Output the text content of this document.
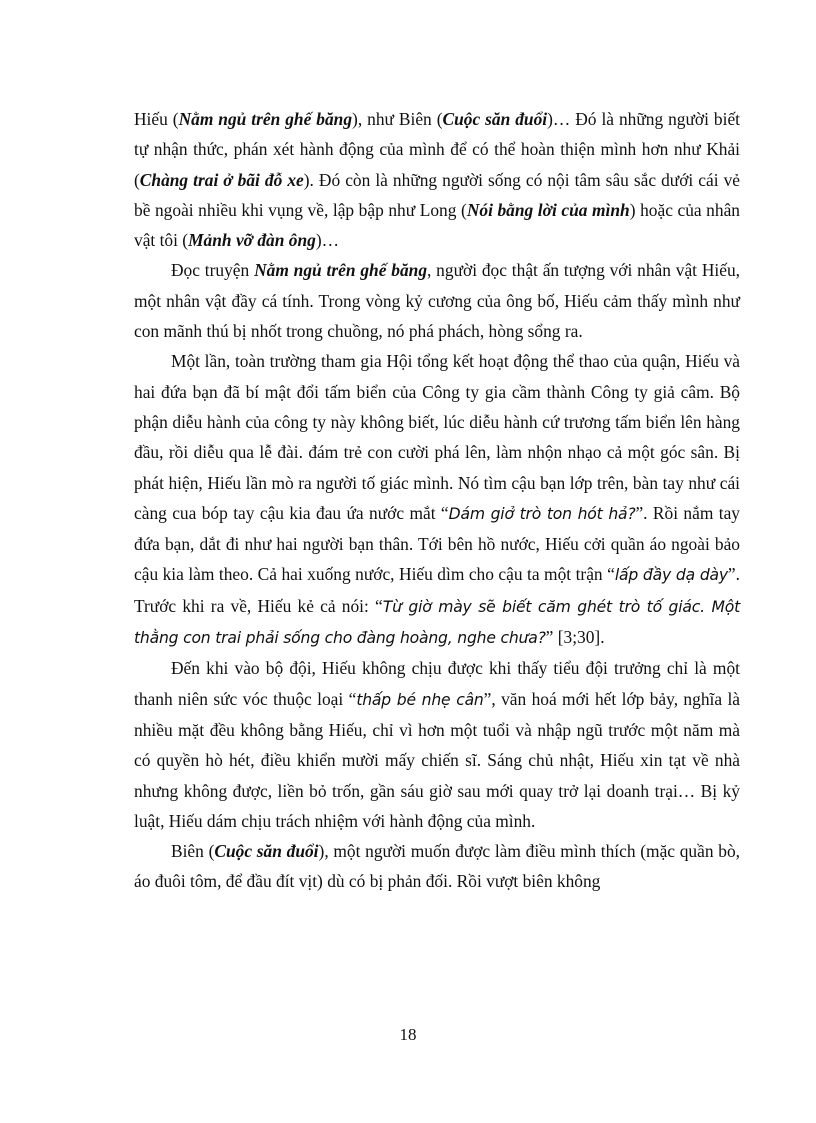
Hiếu (Nằm ngủ trên ghế băng), như Biên (Cuộc săn đuổi)… Đó là những người biết tự nhận thức, phán xét hành động của mình để có thể hoàn thiện mình hơn như Khải (Chàng trai ở bãi đỗ xe). Đó còn là những người sống có nội tâm sâu sắc dưới cái vẻ bề ngoài nhiều khi vụng về, lập bập như Long (Nói bằng lời của mình) hoặc của nhân vật tôi (Mảnh vỡ đàn ông)…

Đọc truyện Nằm ngủ trên ghế băng, người đọc thật ấn tượng với nhân vật Hiếu, một nhân vật đầy cá tính. Trong vòng kỷ cương của ông bố, Hiếu cảm thấy mình như con mãnh thú bị nhốt trong chuồng, nó phá phách, hòng sổng ra.

Một lần, toàn trường tham gia Hội tổng kết hoạt động thể thao của quận, Hiếu và hai đứa bạn đã bí mật đổi tấm biển của Công ty gia cầm thành Công ty giả câm. Bộ phận diễu hành của công ty này không biết, lúc diễu hành cứ trương tấm biển lên hàng đầu, rồi diễu qua lễ đài. đám trẻ con cười phá lên, làm nhộn nhạo cả một góc sân. Bị phát hiện, Hiếu lần mò ra người tố giác mình. Nó tìm cậu bạn lớp trên, bàn tay như cái càng cua bóp tay cậu kia đau ứa nước mắt “Dám giở trò ton hót hả?”. Rồi nắm tay đứa bạn, dắt đi như hai người bạn thân. Tới bên hồ nước, Hiếu cởi quần áo ngoài bảo cậu kia làm theo. Cả hai xuống nước, Hiếu dìm cho cậu ta một trận “lấp đầy dạ dày”. Trước khi ra về, Hiếu kẻ cả nói: “Từ giờ mày sẽ biết căm ghét trò tố giác. Một thằng con trai phải sống cho đàng hoàng, nghe chưa?” [3;30].

Đến khi vào bộ đội, Hiếu không chịu được khi thấy tiểu đội trưởng chỉ là một thanh niên sức vóc thuộc loại “thấp bé nhẹ cân”, văn hoá mới hết lớp bảy, nghĩa là nhiều mặt đều không bằng Hiếu, chỉ vì hơn một tuổi và nhập ngũ trước một năm mà có quyền hò hét, điều khiển mười mấy chiến sĩ. Sáng chủ nhật, Hiếu xin tạt về nhà nhưng không được, liền bỏ trốn, gần sáu giờ sau mới quay trở lại doanh trại… Bị kỷ luật, Hiếu dám chịu trách nhiệm với hành động của mình.

Biên (Cuộc săn đuổi), một người muốn được làm điều mình thích (mặc quần bò, áo đuôi tôm, để đầu đít vịt) dù có bị phản đối. Rồi vượt biên không

18
